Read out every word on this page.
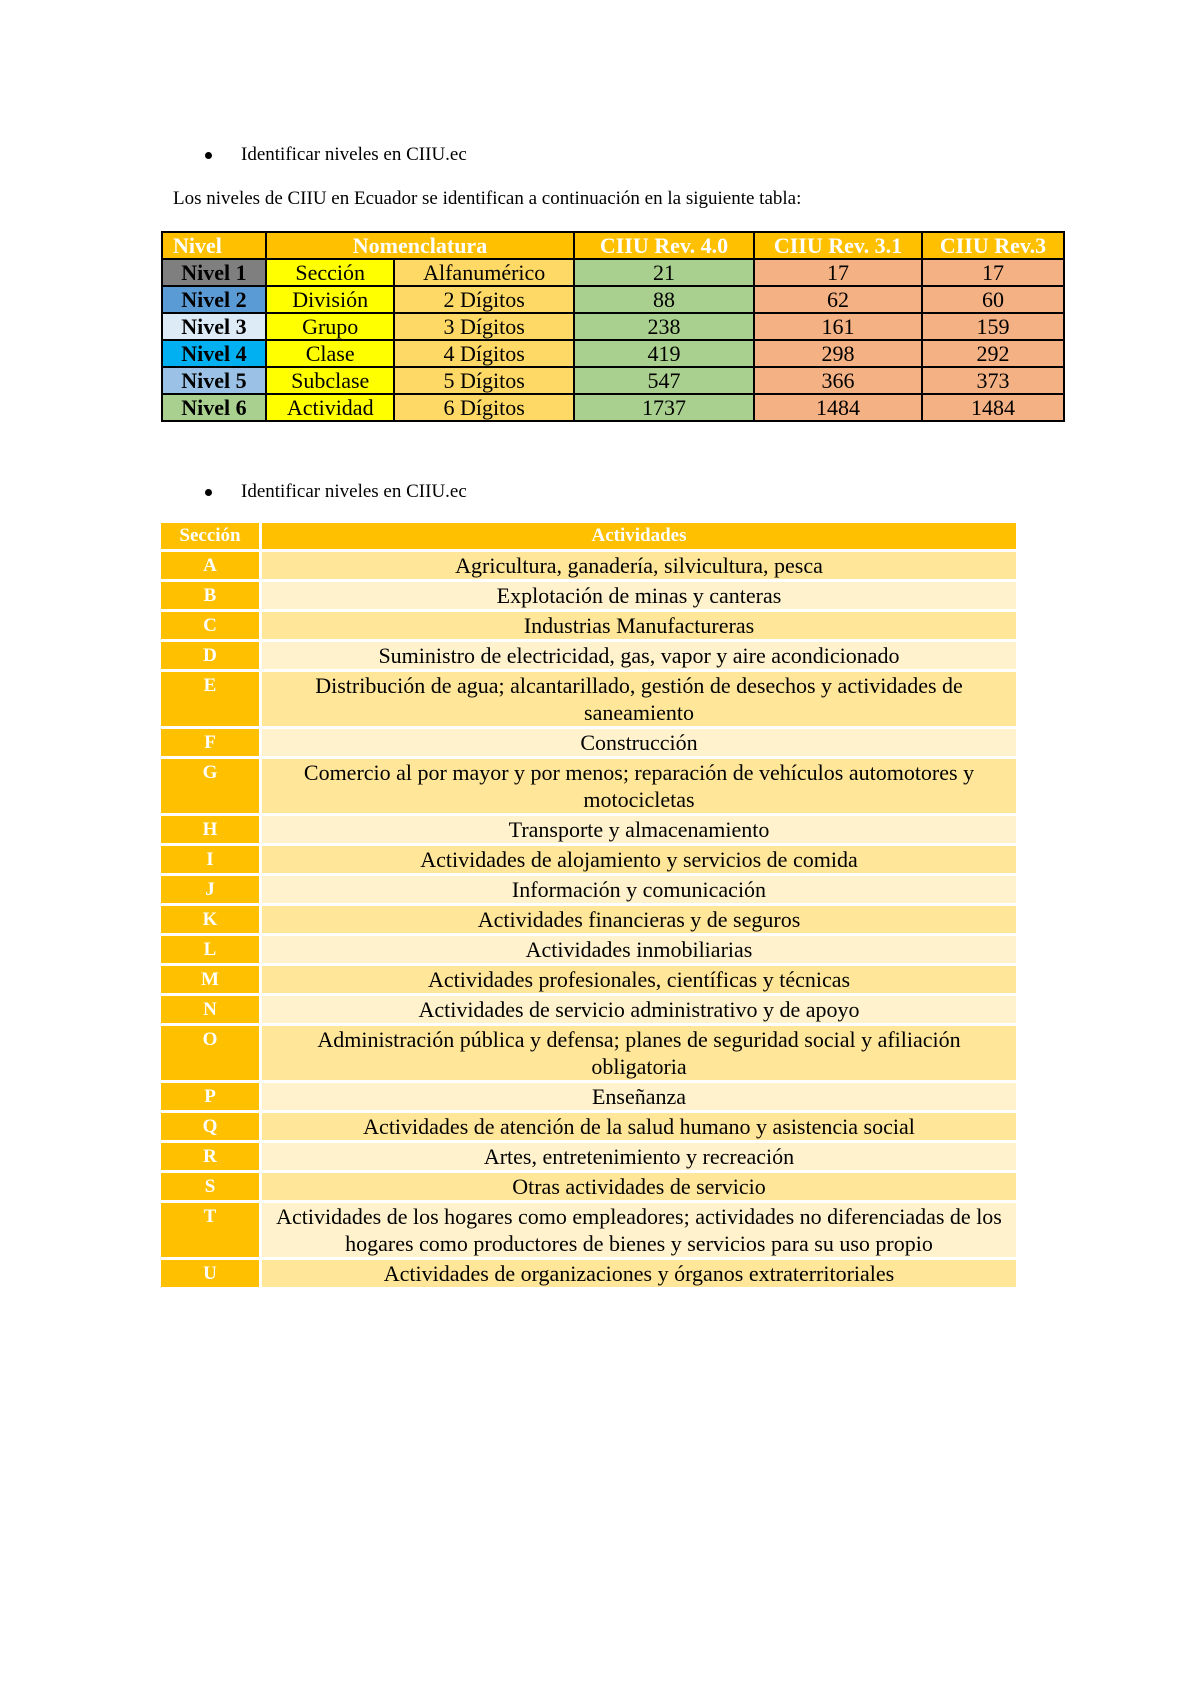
Identificar niveles en CIIU.ec
Los niveles de CIIU en Ecuador se identifican a continuación en la siguiente tabla:
Nivel	Nomenclatura		CIIU Rev. 4.0	CIIU Rev. 3.1	CIIU Rev.3
Nivel 1	Sección	Alfanumérico	21	17	17
Nivel 2	División	2 Dígitos	88	62	60
Nivel 3	Grupo	3 Dígitos	238	161	159
Nivel 4	Clase	4 Dígitos	419	298	292
Nivel 5	Subclase	5 Dígitos	547	366	373
Nivel 6	Actividad	6 Dígitos	1737	1484	1484
Identificar niveles en CIIU.ec
Sección	Actividades
A	Agricultura, ganadería, silvicultura, pesca
B	Explotación de minas y canteras
C	Industrias Manufactureras
D	Suministro de electricidad, gas, vapor y aire acondicionado
E	Distribución de agua; alcantarillado, gestión de desechos y actividades de saneamiento
F	Construcción
G	Comercio al por mayor y por menos; reparación de vehículos automotores y motocicletas
H	Transporte y almacenamiento
I	Actividades de alojamiento y servicios de comida
J	Información y comunicación
K	Actividades financieras y de seguros
L	Actividades inmobiliarias
M	Actividades profesionales, científicas y técnicas
N	Actividades de servicio administrativo y de apoyo
O	Administración pública y defensa; planes de seguridad social y afiliación obligatoria
P	Enseñanza
Q	Actividades de atención de la salud humano y asistencia social
R	Artes, entretenimiento y recreación
S	Otras actividades de servicio
T	Actividades de los hogares como empleadores; actividades no diferenciadas de los hogares como productores de bienes y servicios para su uso propio
U	Actividades de organizaciones y órganos extraterritoriales
